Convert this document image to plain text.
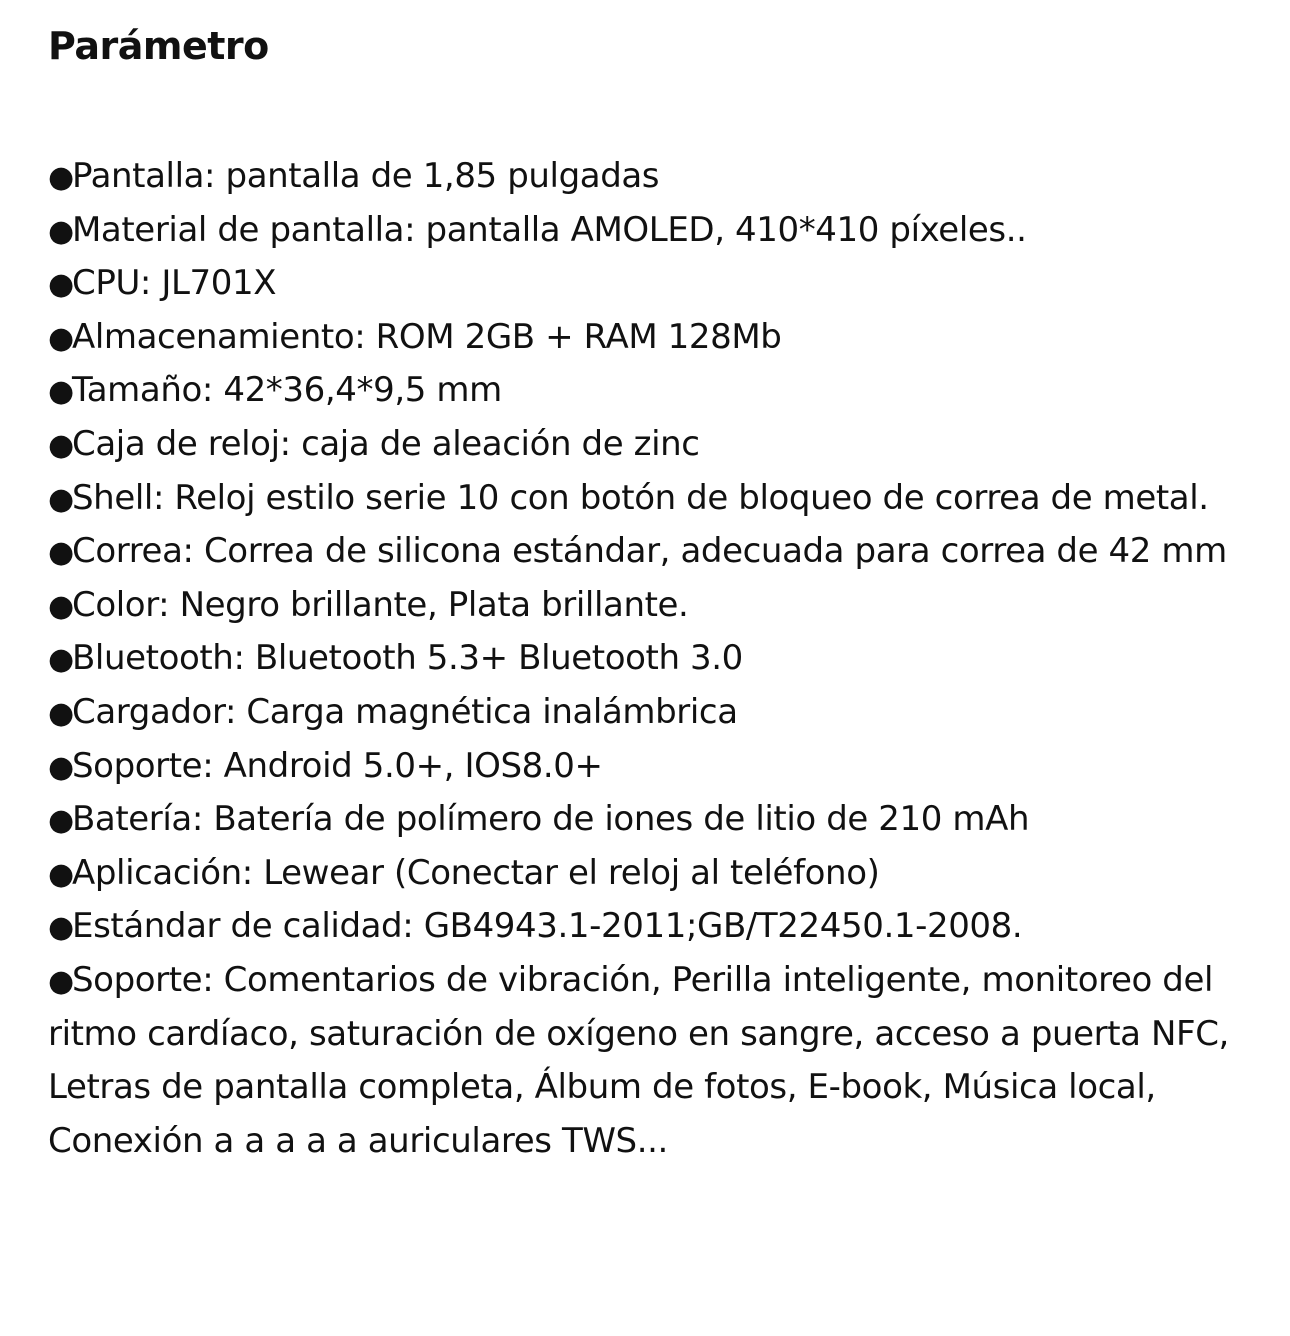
Parámetro
●Pantalla: pantalla de 1,85 pulgadas
●Material de pantalla: pantalla AMOLED, 410*410 píxeles..
●CPU: JL701X
●Almacenamiento: ROM 2GB + RAM 128Mb
●Tamaño: 42*36,4*9,5 mm
●Caja de reloj: caja de aleación de zinc
●Shell: Reloj estilo serie 10 con botón de bloqueo de correa de metal.
●Correa: Correa de silicona estándar, adecuada para correa de 42 mm
●Color: Negro brillante, Plata brillante.
●Bluetooth: Bluetooth 5.3+ Bluetooth 3.0
●Cargador: Carga magnética inalámbrica
●Soporte: Android 5.0+, IOS8.0+
●Batería: Batería de polímero de iones de litio de 210 mAh
●Aplicación: Lewear (Conectar el reloj al teléfono)
●Estándar de calidad: GB4943.1-2011;GB/T22450.1-2008.
●Soporte: Comentarios de vibración, Perilla inteligente, monitoreo del ritmo cardíaco, saturación de oxígeno en sangre, acceso a puerta NFC, Letras de pantalla completa, Álbum de fotos, E-book, Música local, Conexión a a a a a auriculares TWS...
